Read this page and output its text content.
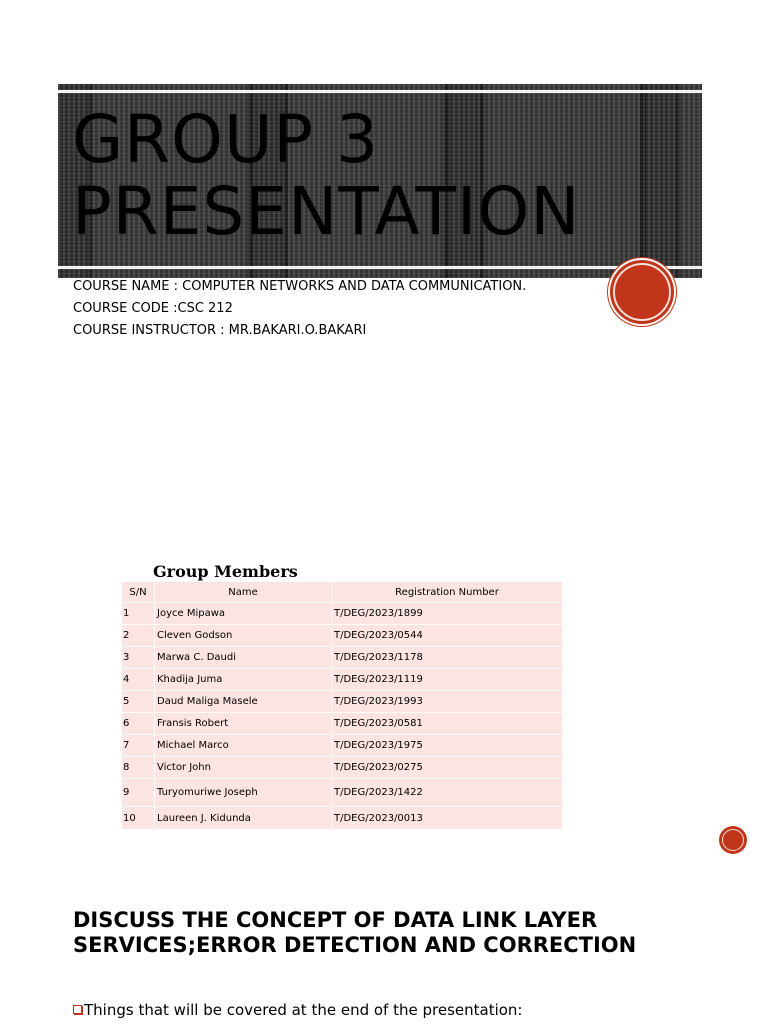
GROUP 3
PRESENTATION
COURSE NAME : COMPUTER NETWORKS AND DATA COMMUNICATION.
COURSE CODE :CSC 212
COURSE INSTRUCTOR : MR.BAKARI.O.BAKARI
Group Members
S/N	Name	Registration Number
1	Joyce Mipawa	T/DEG/2023/1899
2	Cleven Godson	T/DEG/2023/0544
3	Marwa C. Daudi	T/DEG/2023/1178
4	Khadija Juma	T/DEG/2023/1119
5	Daud Maliga Masele	T/DEG/2023/1993
6	Fransis Robert	T/DEG/2023/0581
7	Michael Marco	T/DEG/2023/1975
8	Victor John	T/DEG/2023/0275
9	Turyomuriwe Joseph	T/DEG/2023/1422
10	Laureen J. Kidunda	T/DEG/2023/0013
DISCUSS THE CONCEPT OF DATA LINK LAYER
SERVICES;ERROR DETECTION AND CORRECTION
Things that will be covered at the end of the presentation:
